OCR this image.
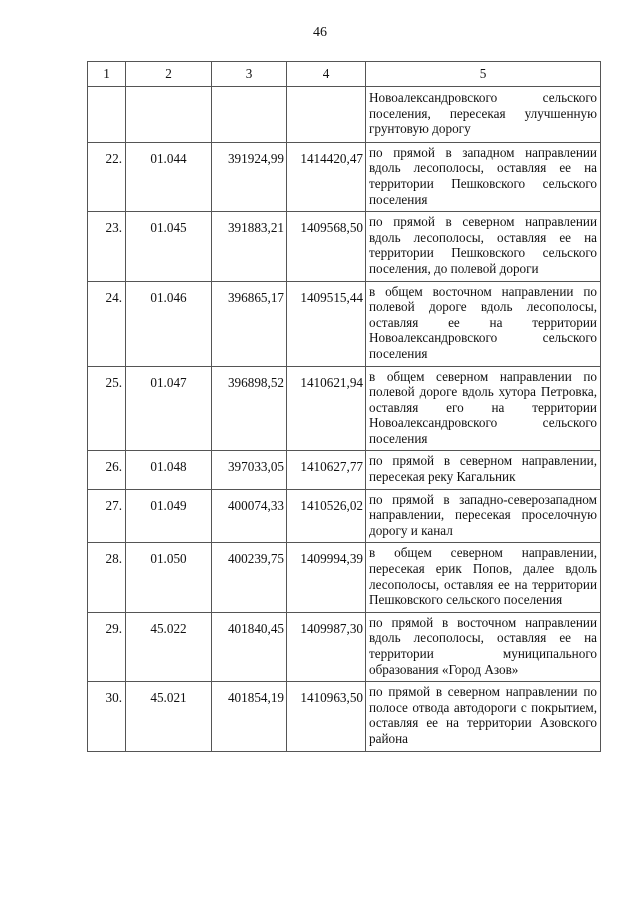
46
1	2	3	4	5
				Новоалександровского сельского поселения, пересекая улучшенную грунтовую дорогу
22.	01.044	391924,99	1414420,47	по прямой в западном направлении вдоль лесополосы, оставляя ее на территории Пешковского сельского поселения
23.	01.045	391883,21	1409568,50	по прямой в северном направлении вдоль лесополосы, оставляя ее на территории Пешковского сельского поселения, до полевой дороги
24.	01.046	396865,17	1409515,44	в общем восточном направлении по полевой дороге вдоль лесополосы, оставляя ее на территории Новоалександровского сельского поселения
25.	01.047	396898,52	1410621,94	в общем северном направлении по полевой дороге вдоль хутора Петровка, оставляя его на территории Новоалександровского сельского поселения
26.	01.048	397033,05	1410627,77	по прямой в северном направлении, пересекая реку Кагальник
27.	01.049	400074,33	1410526,02	по прямой в западно-северозападном направлении, пересекая проселочную дорогу и канал
28.	01.050	400239,75	1409994,39	в общем северном направлении, пересекая ерик Попов, далее вдоль лесополосы, оставляя ее на территории Пешковского сельского поселения
29.	45.022	401840,45	1409987,30	по прямой в восточном направлении вдоль лесополосы, оставляя ее на территории муниципального образования «Город Азов»
30.	45.021	401854,19	1410963,50	по прямой в северном направлении по полосе отвода автодороги с покрытием, оставляя ее на территории Азовского района
